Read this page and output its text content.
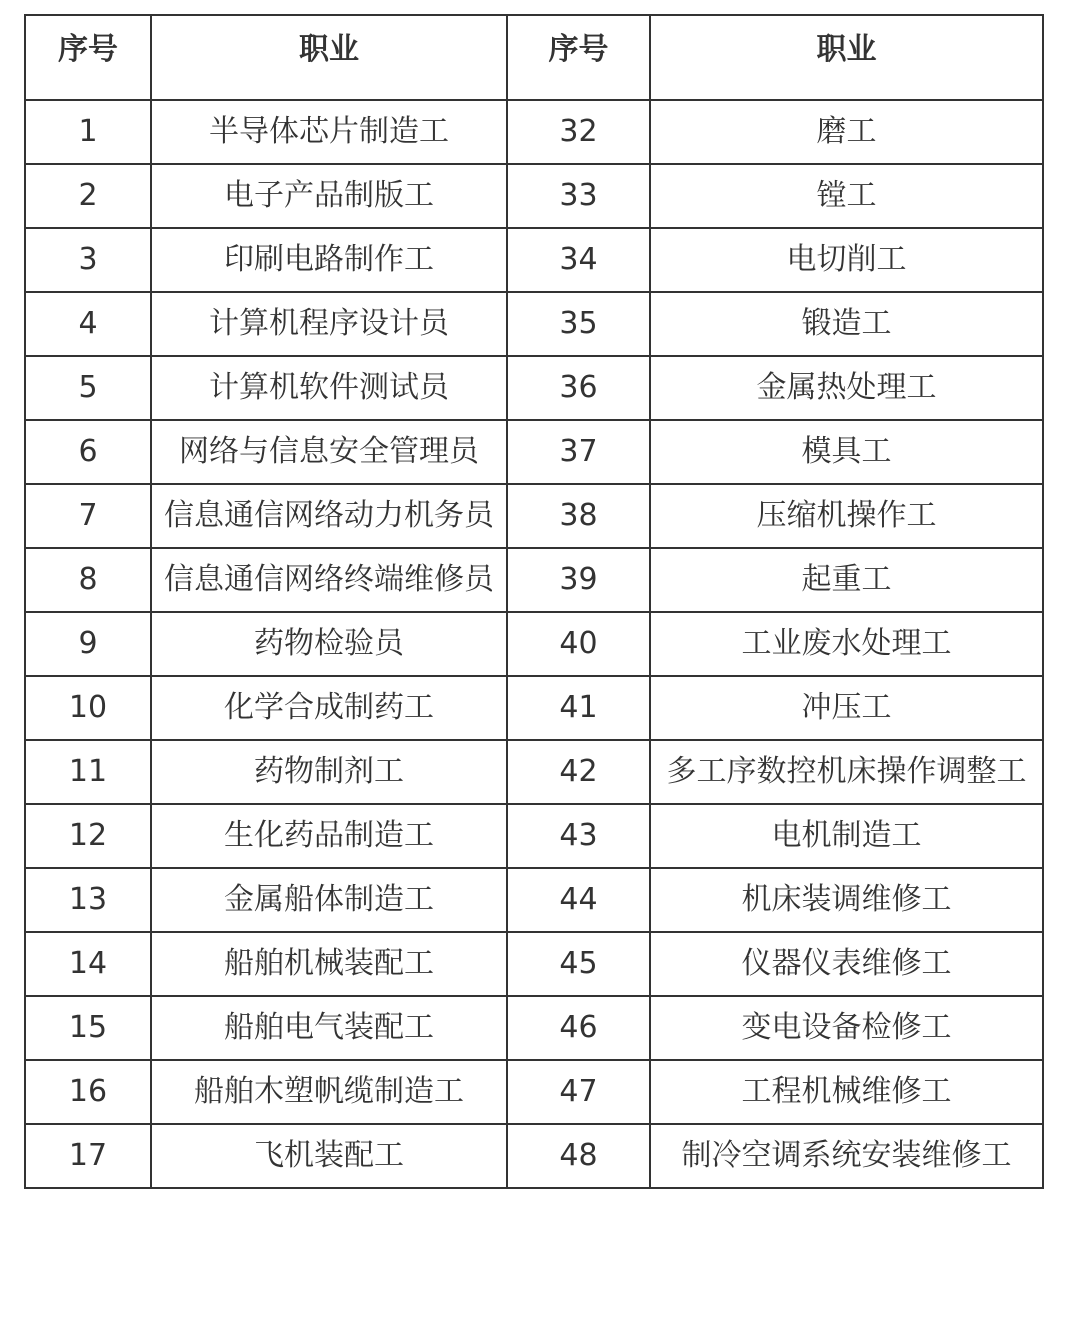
序号	职业	序号	职业
1	半导体芯片制造工	32	磨工
2	电子产品制版工	33	镗工
3	印刷电路制作工	34	电切削工
4	计算机程序设计员	35	锻造工
5	计算机软件测试员	36	金属热处理工
6	网络与信息安全管理员	37	模具工
7	信息通信网络动力机务员	38	压缩机操作工
8	信息通信网络终端维修员	39	起重工
9	药物检验员	40	工业废水处理工
10	化学合成制药工	41	冲压工
11	药物制剂工	42	多工序数控机床操作调整工
12	生化药品制造工	43	电机制造工
13	金属船体制造工	44	机床装调维修工
14	船舶机械装配工	45	仪器仪表维修工
15	船舶电气装配工	46	变电设备检修工
16	船舶木塑帆缆制造工	47	工程机械维修工
17	飞机装配工	48	制冷空调系统安装维修工
